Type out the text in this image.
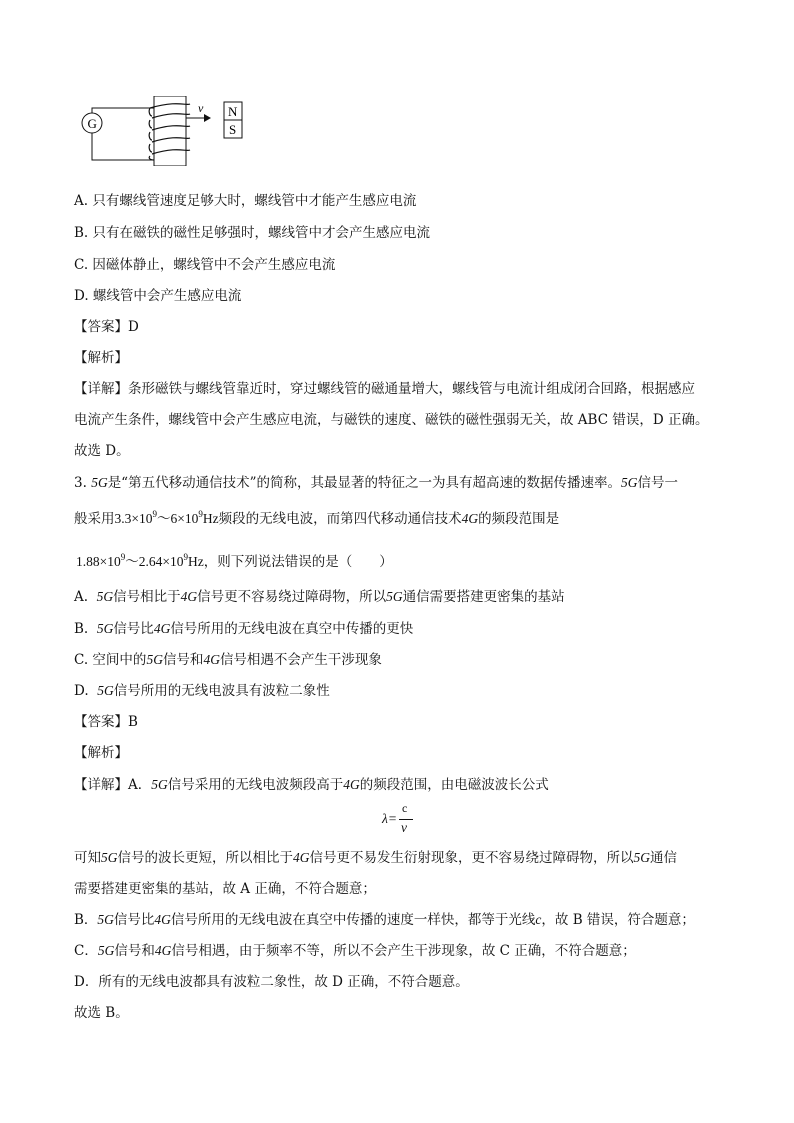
G
v N
S
A. 只有螺线管速度足够大时，螺线管中才能产生感应电流
B. 只有在磁铁的磁性足够强时，螺线管中才会产生感应电流
C. 因磁体静止，螺线管中不会产生感应电流
D. 螺线管中会产生感应电流
【答案】D
【解析】
【详解】条形磁铁与螺线管靠近时，穿过螺线管的磁通量增大，螺线管与电流计组成闭合回路，根据感应
电流产生条件，螺线管中会产生感应电流，与磁铁的速度、磁铁的磁性强弱无关，故 ABC 错误，D 正确。
故选 D。
3. 5G是“第五代移动通信技术”的简称，其最显著的特征之一为具有超高速的数据传播速率。5G信号一
般采用$3.3\times 10^9\sim 6\times 10^9Hz$频段的无线电波，而第四代移动通信技术4G的频段范围是
$1.88\times 10^9\sim 2.64\times 10^9Hz$，则下列说法错误的是（　　）
A. 5G信号相比于4G信号更不容易绕过障碍物，所以5G通信需要搭建更密集的基站
B. 5G信号比4G信号所用的无线电波在真空中传播的更快
C. 空间中的5G信号和4G信号相遇不会产生干涉现象
D. 5G信号所用的无线电波具有波粒二象性
【答案】B
【解析】
【详解】A．5G信号采用的无线电波频段高于4G的频段范围，由电磁波波长公式
λ=
c
ν
可知5G信号的波长更短，所以相比于4G信号更不易发生衍射现象，更不容易绕过障碍物，所以5G通信
需要搭建更密集的基站，故 A 正确，不符合题意；
B．5G信号比4G信号所用的无线电波在真空中传播的速度一样快，都等于光线c，故 B 错误，符合题意；
C．5G信号和4G信号相遇，由于频率不等，所以不会产生干涉现象，故 C 正确，不符合题意；
D．所有的无线电波都具有波粒二象性，故 D 正确，不符合题意。
故选 B。
